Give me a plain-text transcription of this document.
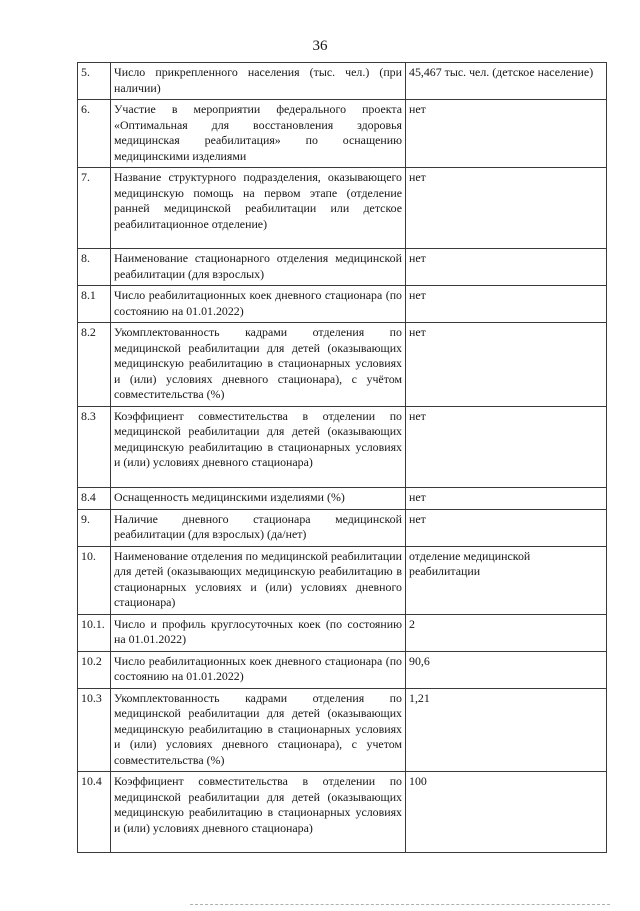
36
5.	Число прикрепленного населения (тыс. чел.) (при наличии)	45,467 тыс. чел. (детское население)
6.	Участие в мероприятии федерального проекта «Оптимальная для восстановления здоровья медицинская реабилитация» по оснащению медицинскими изделиями	нет
7.	Название структурного подразделения, оказывающего медицинскую помощь на первом этапе (отделение ранней медицинской реабилитации или детское реабилитационное отделение)	нет
8.	Наименование стационарного отделения медицинской реабилитации (для взрослых)	нет
8.1	Число реабилитационных коек дневного стационара (по состоянию на 01.01.2022)	нет
8.2	Укомплектованность кадрами отделения по медицинской реабилитации для детей (оказывающих медицинскую реабилитацию в стационарных условиях и (или) условиях дневного стационара), с учётом совместительства (%)	нет
8.3	Коэффициент совместительства в отделении по медицинской реабилитации для детей (оказывающих медицинскую реабилитацию в стационарных условиях и (или) условиях дневного стационара)	нет
8.4	Оснащенность медицинскими изделиями (%)	нет
9.	Наличие дневного стационара медицинской реабилитации (для взрослых) (да/нет)	нет
10.	Наименование отделения по медицинской реабилитации для детей (оказывающих медицинскую реабилитацию в стационарных условиях и (или) условиях дневного стационара)	отделение медицинской реабилитации
10.1.	Число и профиль круглосуточных коек (по состоянию на 01.01.2022)	2
10.2	Число реабилитационных коек дневного стационара (по состоянию на 01.01.2022)	90,6
10.3	Укомплектованность кадрами отделения по медицинской реабилитации для детей (оказывающих медицинскую реабилитацию в стационарных условиях и (или) условиях дневного стационара), с учетом совместительства (%)	1,21
10.4	Коэффициент совместительства в отделении по медицинской реабилитации для детей (оказывающих медицинскую реабилитацию в стационарных условиях и (или) условиях дневного стационара)	100
